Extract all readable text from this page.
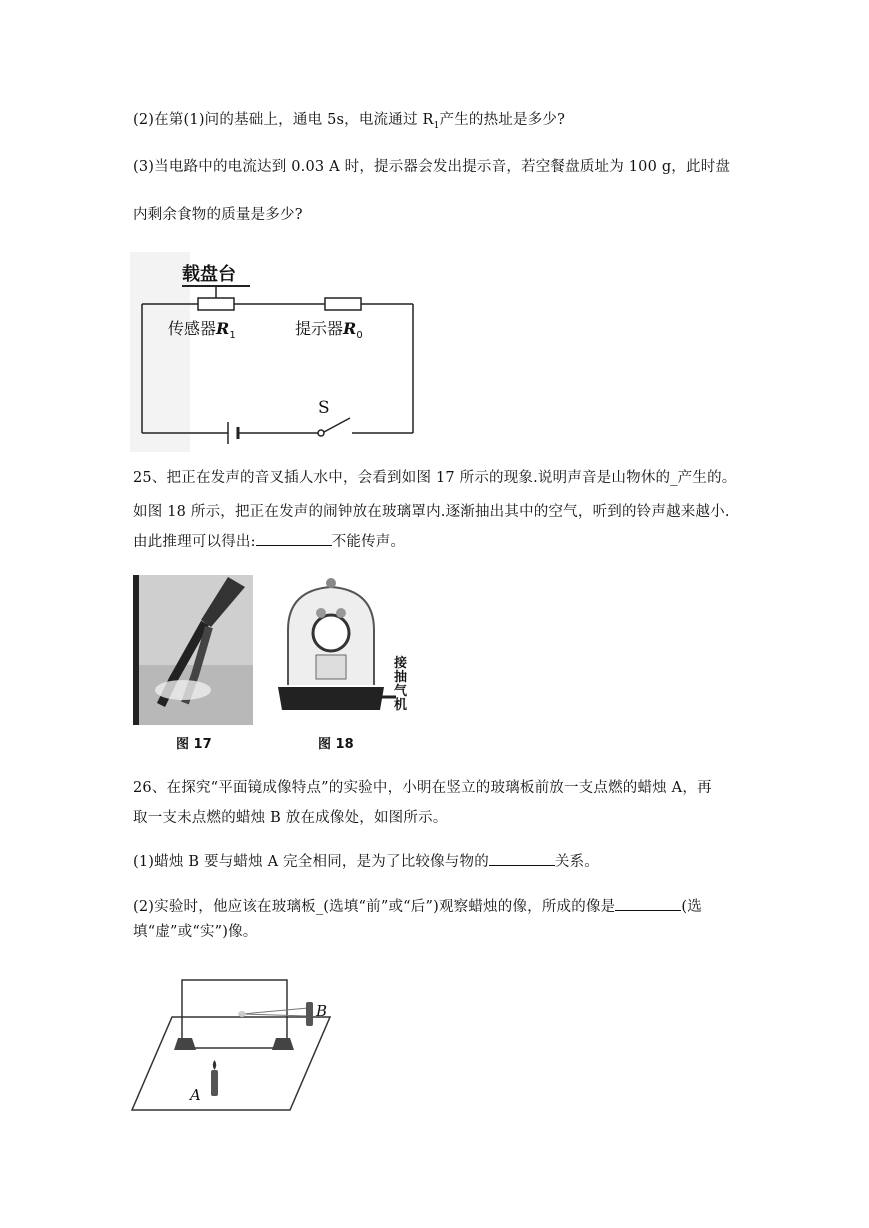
(2)在第(1)问的基础上，通电 5s，电流通过 $R_1$产生的热址是多少?
(3)当电路中的电流达到 0.03 A 时，提示器会发出提示音，若空餐盘质址为 100 g，此时盘
内剩余食物的质量是多少?
载盘台
传感器$R_1$	提示器$R_0$
S
25、把正在发声的音叉插人水中，会看到如图 17 所示的现象.说明声音是山物休的_产生的。
如图 18 所示，把正在发声的闹钟放在玻璃罩内.逐渐抽出其中的空气，听到的铃声越来越小.
由此推理可以得出:	不能传声。
图 17
接
抽
气
机
图 18
26、在探究“平面镜成像特点”的实验中，小明在竖立的玻璃板前放一支点燃的蜡烛 A，再
取一支未点燃的蜡烛 B 放在成像处，如图所示。
(1)蜡烛 B 要与蜡烛 A 完全相同，是为了比较像与物的	关系。
(2)实验时，他应该在玻璃板_(选填“前”或“后”)观察蜡烛的像，所成的像是	(选
填“虚”或“实”)像。
A
B
